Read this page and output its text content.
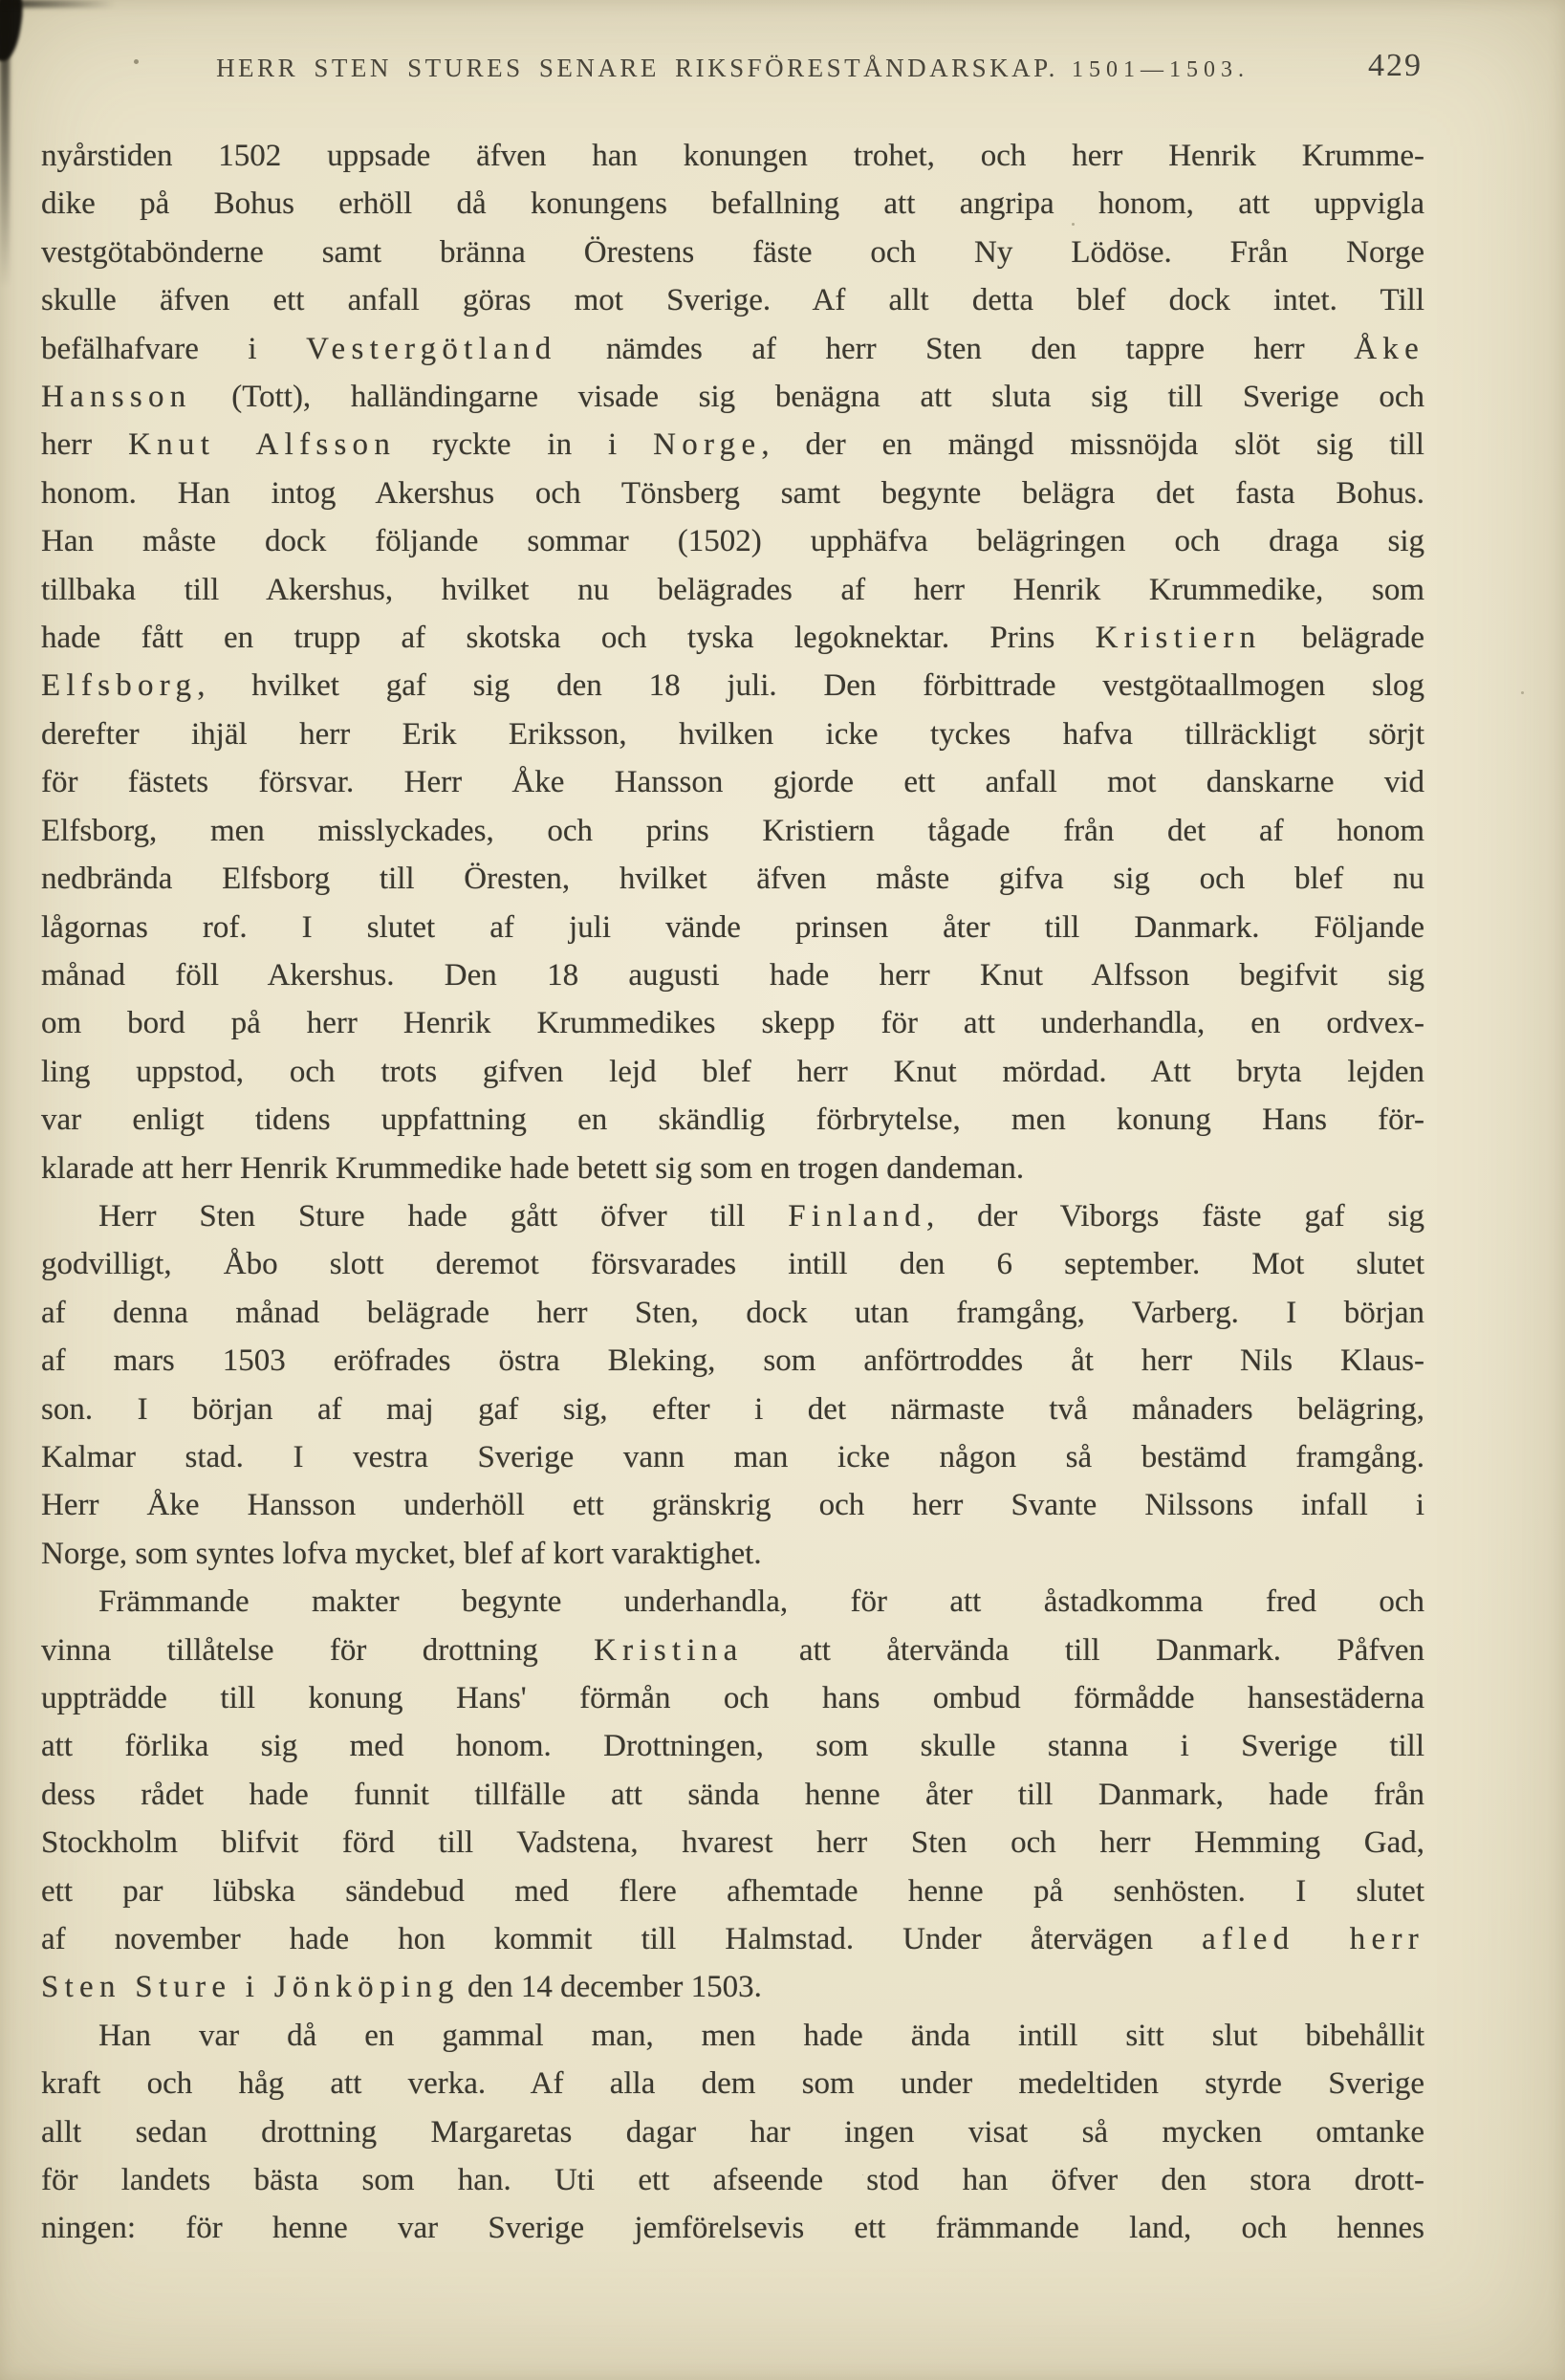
HERR STEN STURES SENARE RIKSFÖRESTÅNDARSKAP. 1501—1503.	429
nyårstiden 1502 uppsade äfven han konungen trohet, och herr Henrik Krumme-
dike på Bohus erhöll då konungens befallning att angripa honom, att uppvigla
vestgötabönderne samt bränna Örestens fäste och Ny Lödöse. Från Norge
skulle äfven ett anfall göras mot Sverige. Af allt detta blef dock intet. Till
befälhafvare i Vestergötland nämdes af herr Sten den tappre herr Åke
Hansson (Tott), halländingarne visade sig benägna att sluta sig till Sverige och
herr Knut Alfsson ryckte in i Norge, der en mängd missnöjda slöt sig till
honom. Han intog Akershus och Tönsberg samt begynte belägra det fasta Bohus.
Han måste dock följande sommar (1502) upphäfva belägringen och draga sig
tillbaka till Akershus, hvilket nu belägrades af herr Henrik Krummedike, som
hade fått en trupp af skotska och tyska legoknektar. Prins Kristiern belägrade
Elfsborg, hvilket gaf sig den 18 juli. Den förbittrade vestgötaallmogen slog
derefter ihjäl herr Erik Eriksson, hvilken icke tyckes hafva tillräckligt sörjt
för fästets försvar. Herr Åke Hansson gjorde ett anfall mot danskarne vid
Elfsborg, men misslyckades, och prins Kristiern tågade från det af honom
nedbrända Elfsborg till Öresten, hvilket äfven måste gifva sig och blef nu
lågornas rof. I slutet af juli vände prinsen åter till Danmark. Följande
månad föll Akershus. Den 18 augusti hade herr Knut Alfsson begifvit sig
om bord på herr Henrik Krummedikes skepp för att underhandla, en ordvex-
ling uppstod, och trots gifven lejd blef herr Knut mördad. Att bryta lejden
var enligt tidens uppfattning en skändlig förbrytelse, men konung Hans för-
klarade att herr Henrik Krummedike hade betett sig som en trogen dandeman.
Herr Sten Sture hade gått öfver till Finland, der Viborgs fäste gaf sig
godvilligt, Åbo slott deremot försvarades intill den 6 september. Mot slutet
af denna månad belägrade herr Sten, dock utan framgång, Varberg. I början
af mars 1503 eröfrades östra Bleking, som anförtroddes åt herr Nils Klaus-
son. I början af maj gaf sig, efter i det närmaste två månaders belägring,
Kalmar stad. I vestra Sverige vann man icke någon så bestämd framgång.
Herr Åke Hansson underhöll ett gränskrig och herr Svante Nilssons infall i
Norge, som syntes lofva mycket, blef af kort varaktighet.
Främmande makter begynte underhandla, för att åstadkomma fred och
vinna tillåtelse för drottning Kristina att återvända till Danmark. Påfven
uppträdde till konung Hans' förmån och hans ombud förmådde hansestäderna
att förlika sig med honom. Drottningen, som skulle stanna i Sverige till
dess rådet hade funnit tillfälle att sända henne åter till Danmark, hade från
Stockholm blifvit förd till Vadstena, hvarest herr Sten och herr Hemming Gad,
ett par lübska sändebud med flere afhemtade henne på senhösten. I slutet
af november hade hon kommit till Halmstad. Under återvägen afled herr
Sten Sture i Jönköping den 14 december 1503.
Han var då en gammal man, men hade ända intill sitt slut bibehållit
kraft och håg att verka. Af alla dem som under medeltiden styrde Sverige
allt sedan drottning Margaretas dagar har ingen visat så mycken omtanke
för landets bästa som han. Uti ett afseende stod han öfver den stora drott-
ningen: för henne var Sverige jemförelsevis ett främmande land, och hennes
